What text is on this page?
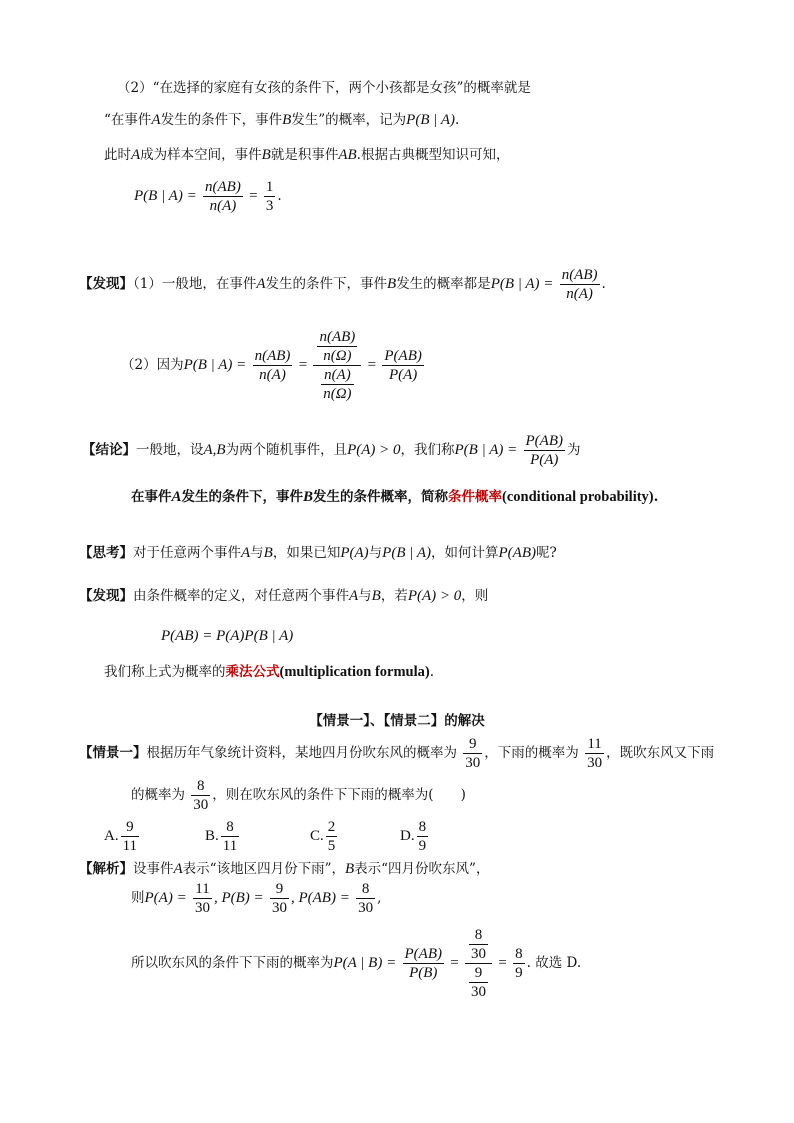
（2）“在选择的家庭有女孩的条件下，两个小孩都是女孩”的概率就是
“在事件A发生的条件下，事件B发生”的概率，记为P(B | A).
此时A成为样本空间，事件B就是积事件AB.根据古典概型知识可知，
P(B | $A) = \frac{n(AB)}{n(A)} = \frac{1}{3}$ .
【发现】（1）一般地，在事件A发生的条件下，事件B发生的概率都是P(B | $A) = \frac{n(AB)}{n(A)}$ .
（2）因为P(B | $A) = \frac{n(AB)}{n(A)} = \frac{\frac{n(AB)}{n(\Omega)}}{\frac{n(A)}{n(\Omega)}} = \frac{P(AB)}{P(A)}$
【结论】一般地，设A,B为两个随机事件，且P(A) > 0，我们称P(B | $A) = \frac{P(AB)}{P(A)}$ 为
在事件A发生的条件下，事件B发生的条件概率，简称条件概率(conditional probability).
【思考】对于任意两个事件A与B，如果已知P(A)与P(B | A)，如何计算P(AB)呢?
【发现】由条件概率的定义，对任意两个事件A与B，若P(A) > 0，则
P(AB) = P(A)P(B | A)
我们称上式为概率的乘法公式(multiplication formula).
【情景一】、【情景二】的解决
【情景一】根据历年气象统计资料，某地四月份吹东风的概率为 $\frac{9}{30}$ ，下雨的概率为 $\frac{11}{30}$ ，既吹东风又下雨
的概率为 $\frac{8}{30}$ ，则在吹东风的条件下下雨的概率为(　　)
A. $\frac{9}{11}$	B. $\frac{8}{11}$	C. $\frac{2}{5}$	D. $\frac{8}{9}$
【解析】设事件A表示“该地区四月份下雨”，B表示“四月份吹东风”，
则$P(A) = \frac{11}{30}$ , $P(B) = \frac{9}{30}$ , $P(AB) = \frac{8}{30}$ ,
所以吹东风的条件下下雨的概率为P(A | $B) = \frac{P(AB)}{P(B)} = \frac{\frac{8}{30}}{\frac{9}{30}} = \frac{8}{9}$ . 故选 D.
